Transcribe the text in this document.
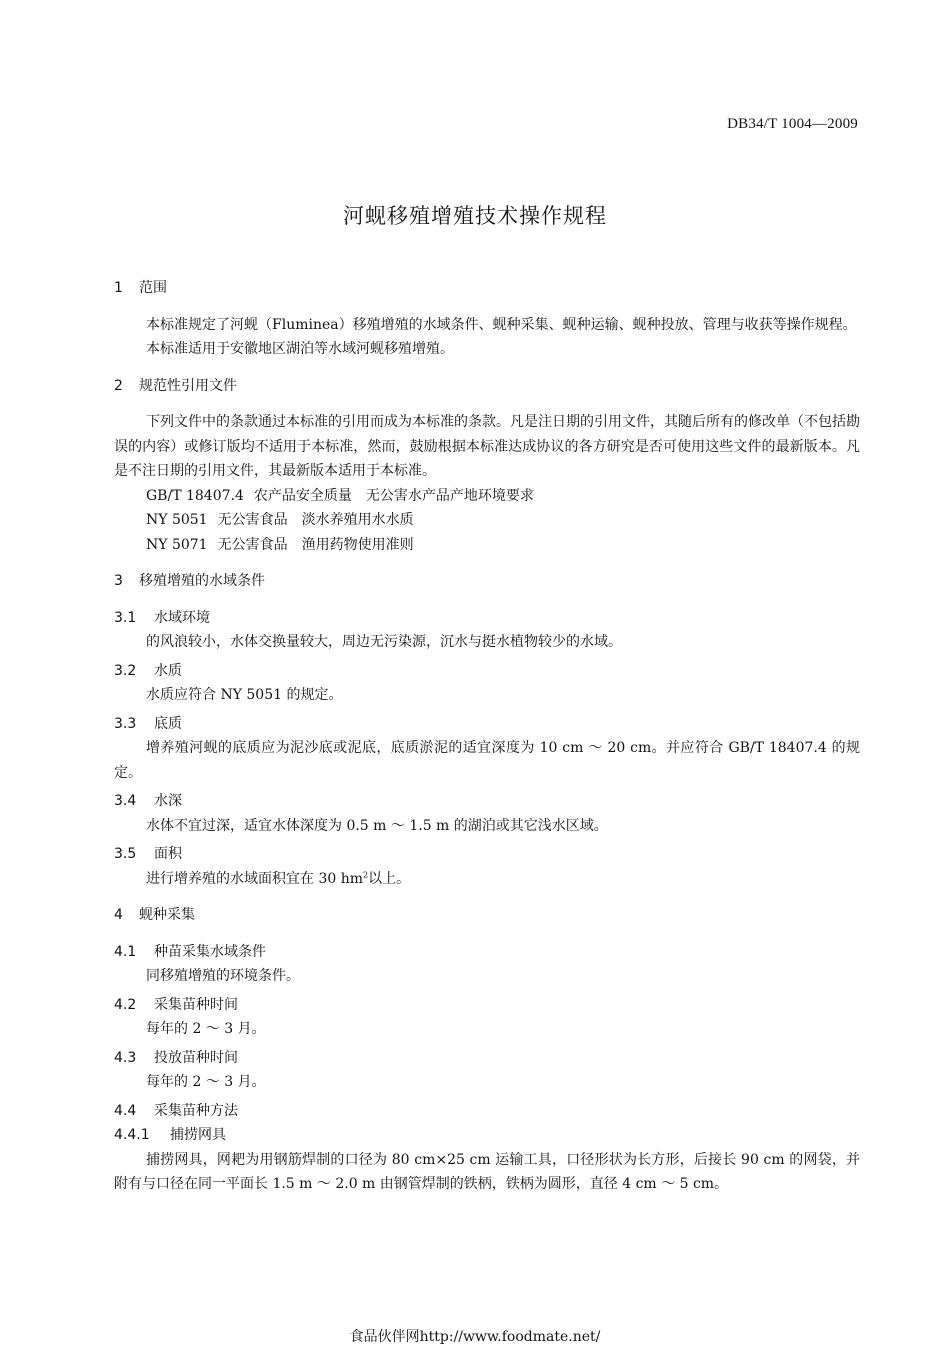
DB34/T 1004—2009
河蚬移殖增殖技术操作规程
1 范围

本标准规定了河蚬（Fluminea）移殖增殖的水域条件、蚬种采集、蚬种运输、蚬种投放、管理与收获等操作规程。

本标准适用于安徽地区湖泊等水域河蚬移殖增殖。

2 规范性引用文件

下列文件中的条款通过本标准的引用而成为本标准的条款。凡是注日期的引用文件，其随后所有的修改单（不包括勘误的内容）或修订版均不适用于本标准，然而，鼓励根据本标准达成协议的各方研究是否可使用这些文件的最新版本。凡是不注日期的引用文件，其最新版本适用于本标准。

GB/T 18407.4 农产品安全质量　无公害水产品产地环境要求

NY 5051 无公害食品　淡水养殖用水水质

NY 5071 无公害食品　渔用药物使用准则

3 移殖增殖的水域条件
3.1 水域环境

的风浪较小，水体交换量较大，周边无污染源，沉水与挺水植物较少的水域。

3.2 水质

水质应符合 NY 5051 的规定。

3.3 底质

增养殖河蚬的底质应为泥沙底或泥底，底质淤泥的适宜深度为 10 cm ～ 20 cm。并应符合 GB/T 18407.4 的规定。

3.4 水深

水体不宜过深，适宜水体深度为 0.5 m ～ 1.5 m 的湖泊或其它浅水区域。

3.5 面积

进行增养殖的水域面积宜在 30 $hm^2$以上。

4 蚬种采集
4.1 种苗采集水域条件

同移殖增殖的环境条件。

4.2 采集苗种时间

每年的 2 ～ 3 月。

4.3 投放苗种时间

每年的 2 ～ 3 月。

4.4 采集苗种方法
4.4.1 捕捞网具

捕捞网具，网耙为用钢筋焊制的口径为 80 cm×25 cm 运输工具，口径形状为长方形，后接长 90 cm 的网袋，并附有与口径在同一平面长 1.5 m ～ 2.0 m 由钢管焊制的铁柄，铁柄为圆形，直径 4 cm ～ 5 cm。

食品伙伴网http://www.foodmate.net/
